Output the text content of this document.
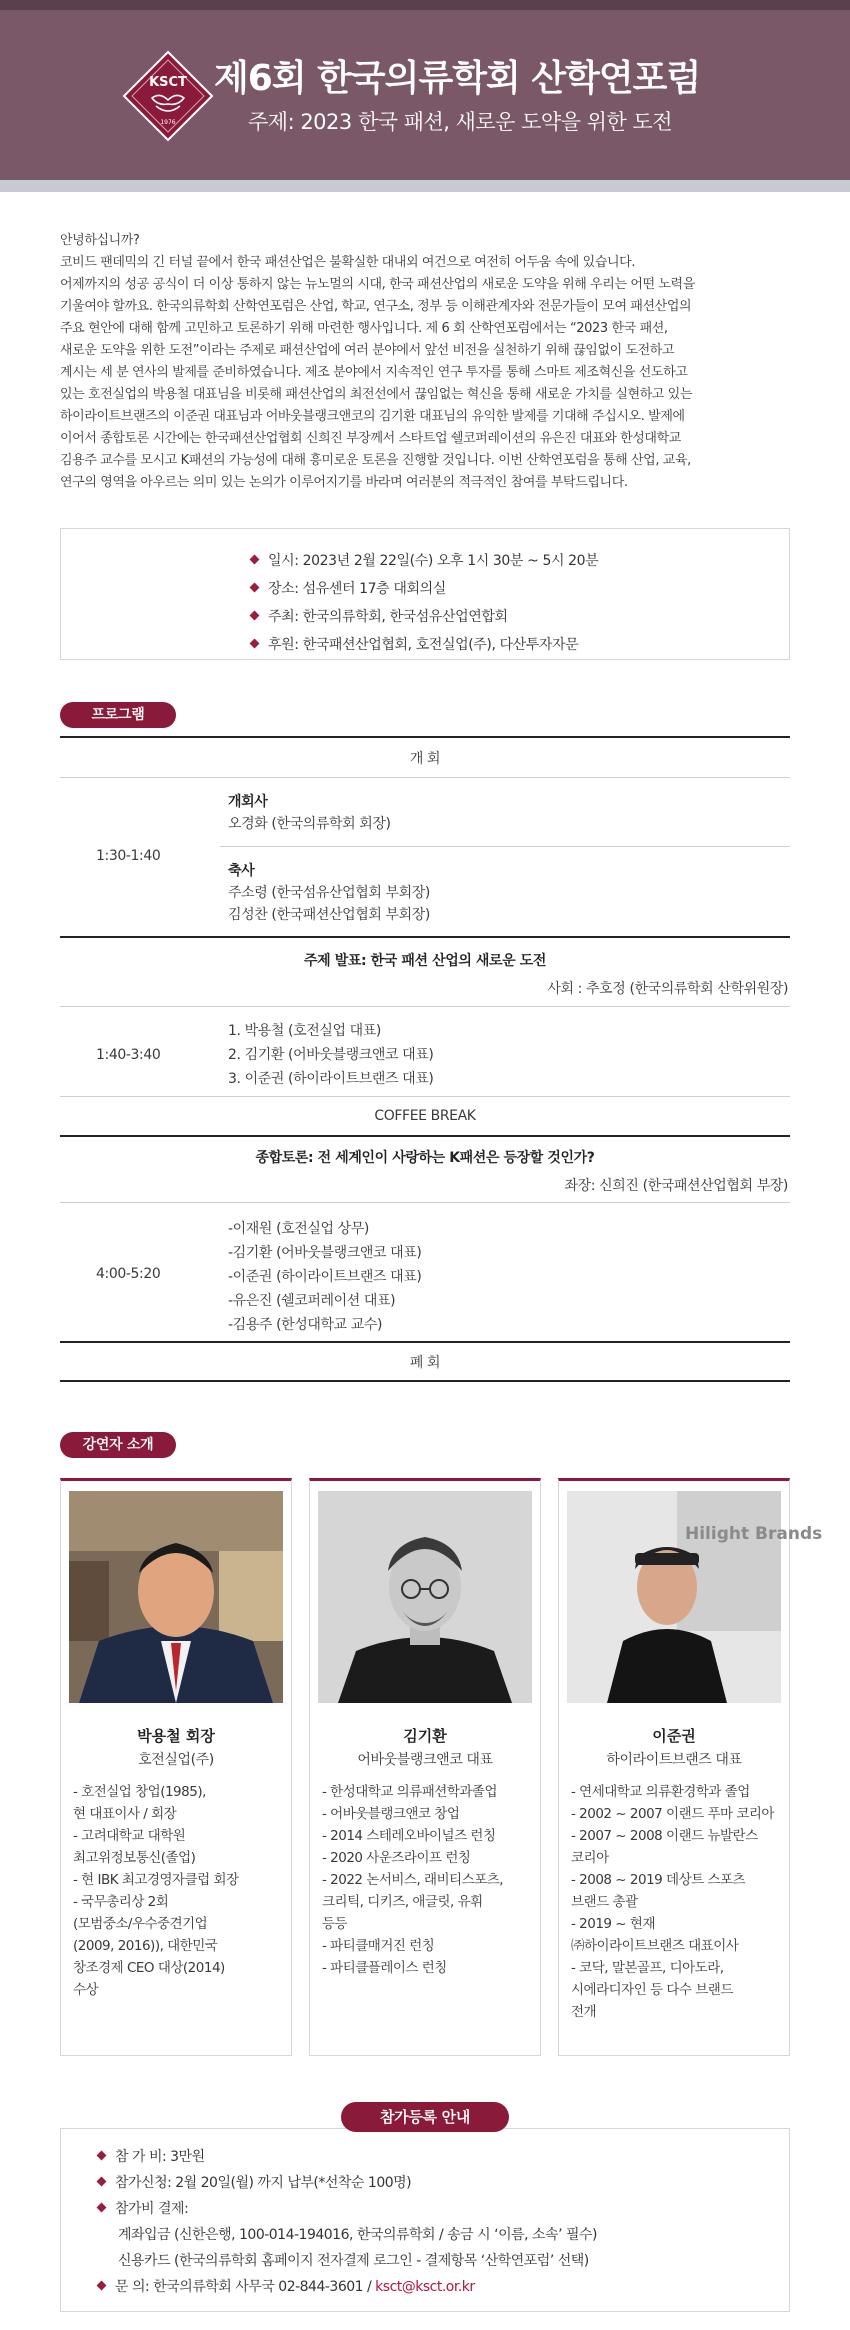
KSCT
1976
제6회 한국의류학회 산학연포럼
주제: 2023 한국 패션, 새로운 도약을 위한 도전

안녕하십니까?

코비드 팬데믹의 긴 터널 끝에서 한국 패션산업은 불확실한 대내외 여건으로 여전히 어두움 속에 있습니다.

어제까지의 성공 공식이 더 이상 통하지 않는 뉴노멀의 시대, 한국 패션산업의 새로운 도약을 위해 우리는 어떤 노력을

기울여야 할까요. 한국의류학회 산학연포럼은 산업, 학교, 연구소, 정부 등 이해관계자와 전문가들이 모여 패션산업의

주요 현안에 대해 함께 고민하고 토론하기 위해 마련한 행사입니다. 제 6 회 산학연포럼에서는 “2023 한국 패션,

새로운 도약을 위한 도전”이라는 주제로 패션산업에 여러 분야에서 앞선 비전을 실천하기 위해 끊임없이 도전하고

계시는 세 분 연사의 발제를 준비하였습니다. 제조 분야에서 지속적인 연구 투자를 통해 스마트 제조혁신을 선도하고

있는 호전실업의 박용철 대표님을 비롯해 패션산업의 최전선에서 끊임없는 혁신을 통해 새로운 가치를 실현하고 있는

하이라이트브랜즈의 이준권 대표님과 어바웃블랭크앤코의 김기환 대표님의 유익한 발제를 기대해 주십시오. 발제에

이어서 종합토론 시간에는 한국패션산업협회 신희진 부장께서 스타트업 쉘코퍼레이션의 유은진 대표와 한성대학교

김용주 교수를 모시고 K패션의 가능성에 대해 흥미로운 토론을 진행할 것입니다. 이번 산학연포럼을 통해 산업, 교육,

연구의 영역을 아우르는 의미 있는 논의가 이루어지기를 바라며 여러분의 적극적인 참여를 부탁드립니다.

일시: 2023년 2월 22일(수) 오후 1시 30분 ~ 5시 20분
장소: 섬유센터 17층 대회의실
주최: 한국의류학회, 한국섬유산업연합회
후원: 한국패션산업협회, 호전실업(주), 다산투자자문
프로그램
개 회
1:30-1:40
개회사
오경화 (한국의류학회 회장)
축사
주소령 (한국섬유산업협회 부회장)
김성찬 (한국패션산업협회 부회장)
주제 발표: 한국 패션 산업의 새로운 도전
사회 : 추호정 (한국의류학회 산학위원장)
1:40-3:40
1. 박용철 (호전실업 대표)
2. 김기환 (어바웃블랭크앤코 대표)
3. 이준권 (하이라이트브랜즈 대표)
COFFEE BREAK
종합토론: 전 세계인이 사랑하는 K패션은 등장할 것인가?
좌장: 신희진 (한국패션산업협회 부장)
4:00-5:20
-이재원 (호전실업 상무)
-김기환 (어바웃블랭크앤코 대표)
-이준권 (하이라이트브랜즈 대표)
-유은진 (쉘코퍼레이션 대표)
-김용주 (한성대학교 교수)
폐 회
강연자 소개
박용철 회장
호전실업(주)

- 호전실업 창업(1985),

현 대표이사 / 회장

- 고려대학교 대학원

최고위정보통신(졸업)

- 현 IBK 최고경영자클럽 회장

- 국무총리상 2회

(모범중소/우수중견기업

(2009, 2016)), 대한민국

창조경제 CEO 대상(2014)

수상

김기환
어바웃블랭크앤코 대표

- 한성대학교 의류패션학과졸업

- 어바웃블랭크앤코 창업

- 2014 스테레오바이널즈 런칭

- 2020 사운즈라이프 런칭

- 2022 논서비스, 래비티스포츠,

크리틱, 디키즈, 애글릿, 유휘

등등

- 파티클매거진 런칭

- 파티클플레이스 런칭

Hilight Brands
이준권
하이라이트브랜즈 대표

- 연세대학교 의류환경학과 졸업

- 2002 ~ 2007 이랜드 푸마 코리아

- 2007 ~ 2008 이랜드 뉴발란스

코리아

- 2008 ~ 2019 데상트 스포츠

브랜드 총괄

- 2019 ~ 현재

㈜하이라이트브랜즈 대표이사

- 코닥, 말본골프, 디아도라,

시에라디자인 등 다수 브랜드

전개

참가등록 안내
참 가 비: 3만원
참가신청: 2월 20일(월) 까지 납부(*선착순 100명)
참가비 결제:
계좌입금 (신한은행, 100-014-194016, 한국의류학회 / 송금 시 ‘이름, 소속’ 필수)
신용카드 (한국의류학회 홈페이지 전자결제 로그인 - 결제항목 ‘산학연포럼’ 선택)
문 의: 한국의류학회 사무국 02-844-3601 / ksct@ksct.or.kr
